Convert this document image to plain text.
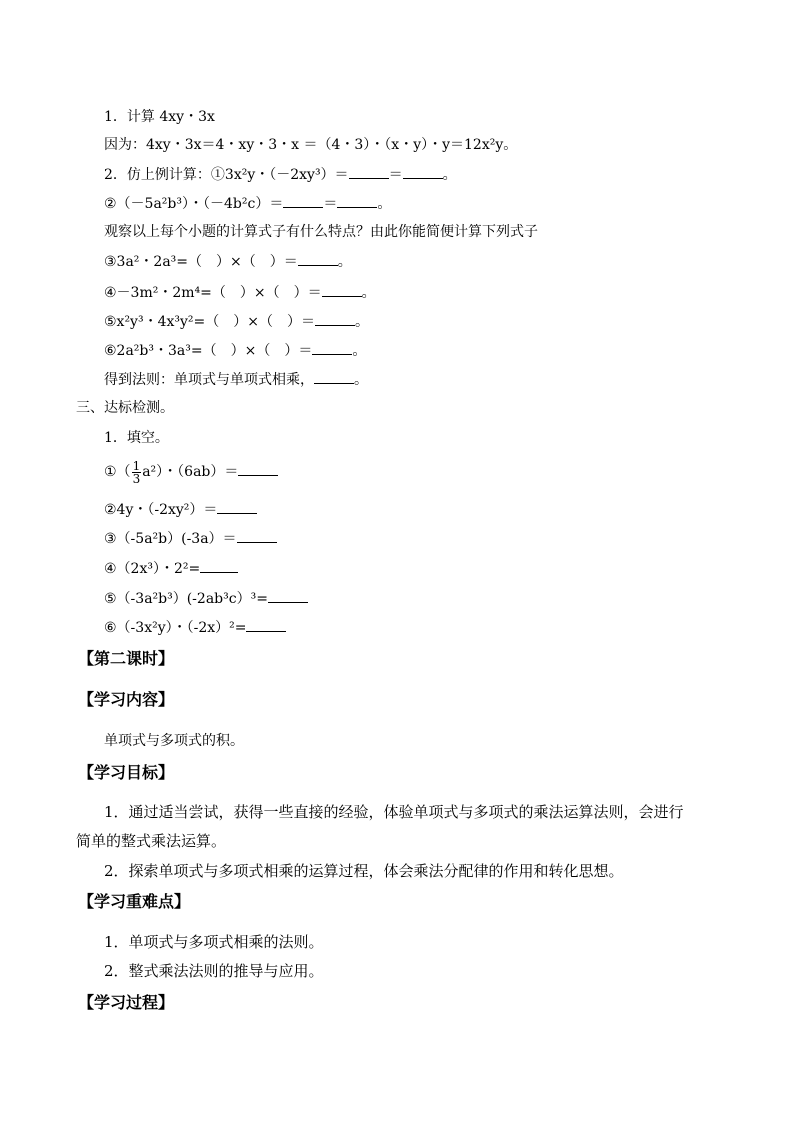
1．计算 4xy・3x
因为：4xy・3x＝4・xy・3・x ＝（4・3）・（x・y）・y＝12x²y。
2．仿上例计算：①3x²y・（－2xy³）＝	＝	。
②（－5a²b³）・（－4b²c）＝	＝	。
观察以上每个小题的计算式子有什么特点？由此你能简便计算下列式子
③3a²・2a³=（　）×（　）＝	。
④－3m²・2m⁴=（　）×（　）＝	。
⑤x²y³・4x³y²=（　）×（　）＝	。
⑥2a²b³・3a³=（　）×（　）＝	。
得到法则：单项式与单项式相乘，	。
三、达标检测。
1．填空。
①（ $\frac{1}{3} a^2$）・（6ab）＝
②4y・（-2xy²）＝
③（-5a²b）(-3a）＝
④（2x³）・2²=
⑤（-3a²b³）(-2ab³c）³=
⑥（-3x²y）・（-2x）²=
【第二课时】
【学习内容】
单项式与多项式的积。
【学习目标】
1．通过适当尝试，获得一些直接的经验，体验单项式与多项式的乘法运算法则，会进行
简单的整式乘法运算。
2．探索单项式与多项式相乘的运算过程，体会乘法分配律的作用和转化思想。
【学习重难点】
1．单项式与多项式相乘的法则。
2．整式乘法法则的推导与应用。
【学习过程】
